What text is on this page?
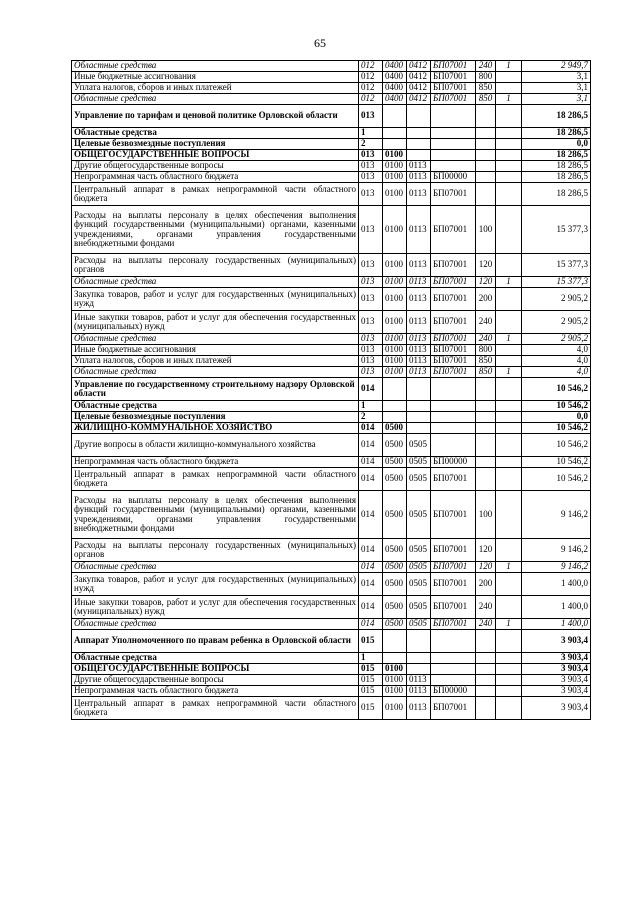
65
Областные средства	012	0400	0412	БП07001	240	1	2 949,7
Иные бюджетные ассигнования	012	0400	0412	БП07001	800		3,1
Уплата налогов, сборов и иных платежей	012	0400	0412	БП07001	850		3,1
Областные средства	012	0400	0412	БП07001	850	1	3,1
Управление по тарифам и ценовой политике Орловской области	013						18 286,5
Областные средства	1						18 286,5
Целевые безвозмездные поступления	2						0,0
ОБЩЕГОСУДАРСТВЕННЫЕ ВОПРОСЫ	013	0100					18 286,5
Другие общегосударственные вопросы	013	0100	0113				18 286,5
Непрограммная часть областного бюджета	013	0100	0113	БП00000			18 286,5
Центральный аппарат в рамках непрограммной части областного бюджета	013	0100	0113	БП07001			18 286,5
Расходы на выплаты персоналу в целях обеспечения выполнения функций государственными (муниципальными) органами, казенными учреждениями, органами управления государственными внебюджетными фондами	013	0100	0113	БП07001	100		15 377,3
Расходы на выплаты персоналу государственных (муниципальных) органов	013	0100	0113	БП07001	120		15 377,3
Областные средства	013	0100	0113	БП07001	120	1	15 377,3
Закупка товаров, работ и услуг для государственных (муниципальных) нужд	013	0100	0113	БП07001	200		2 905,2
Иные закупки товаров, работ и услуг для обеспечения государственных (муниципальных) нужд	013	0100	0113	БП07001	240		2 905,2
Областные средства	013	0100	0113	БП07001	240	1	2 905,2
Иные бюджетные ассигнования	013	0100	0113	БП07001	800		4,0
Уплата налогов, сборов и иных платежей	013	0100	0113	БП07001	850		4,0
Областные средства	013	0100	0113	БП07001	850	1	4,0
Управление по государственному строительному надзору Орловской области	014						10 546,2
Областные средства	1						10 546,2
Целевые безвозмездные поступления	2						0,0
ЖИЛИЩНО-КОММУНАЛЬНОЕ ХОЗЯЙСТВО	014	0500					10 546,2
Другие вопросы в области жилищно-коммунального хозяйства	014	0500	0505				10 546,2
Непрограммная часть областного бюджета	014	0500	0505	БП00000			10 546,2
Центральный аппарат в рамках непрограммной части областного бюджета	014	0500	0505	БП07001			10 546,2
Расходы на выплаты персоналу в целях обеспечения выполнения функций государственными (муниципальными) органами, казенными учреждениями, органами управления государственными внебюджетными фондами	014	0500	0505	БП07001	100		9 146,2
Расходы на выплаты персоналу государственных (муниципальных) органов	014	0500	0505	БП07001	120		9 146,2
Областные средства	014	0500	0505	БП07001	120	1	9 146,2
Закупка товаров, работ и услуг для государственных (муниципальных) нужд	014	0500	0505	БП07001	200		1 400,0
Иные закупки товаров, работ и услуг для обеспечения государственных (муниципальных) нужд	014	0500	0505	БП07001	240		1 400,0
Областные средства	014	0500	0505	БП07001	240	1	1 400,0
Аппарат Уполномоченного по правам ребенка в Орловской области	015						3 903,4
Областные средства	1						3 903,4
ОБЩЕГОСУДАРСТВЕННЫЕ ВОПРОСЫ	015	0100					3 903,4
Другие общегосударственные вопросы	015	0100	0113				3 903,4
Непрограммная часть областного бюджета	015	0100	0113	БП00000			3 903,4
Центральный аппарат в рамках непрограммной части областного бюджета	015	0100	0113	БП07001			3 903,4
